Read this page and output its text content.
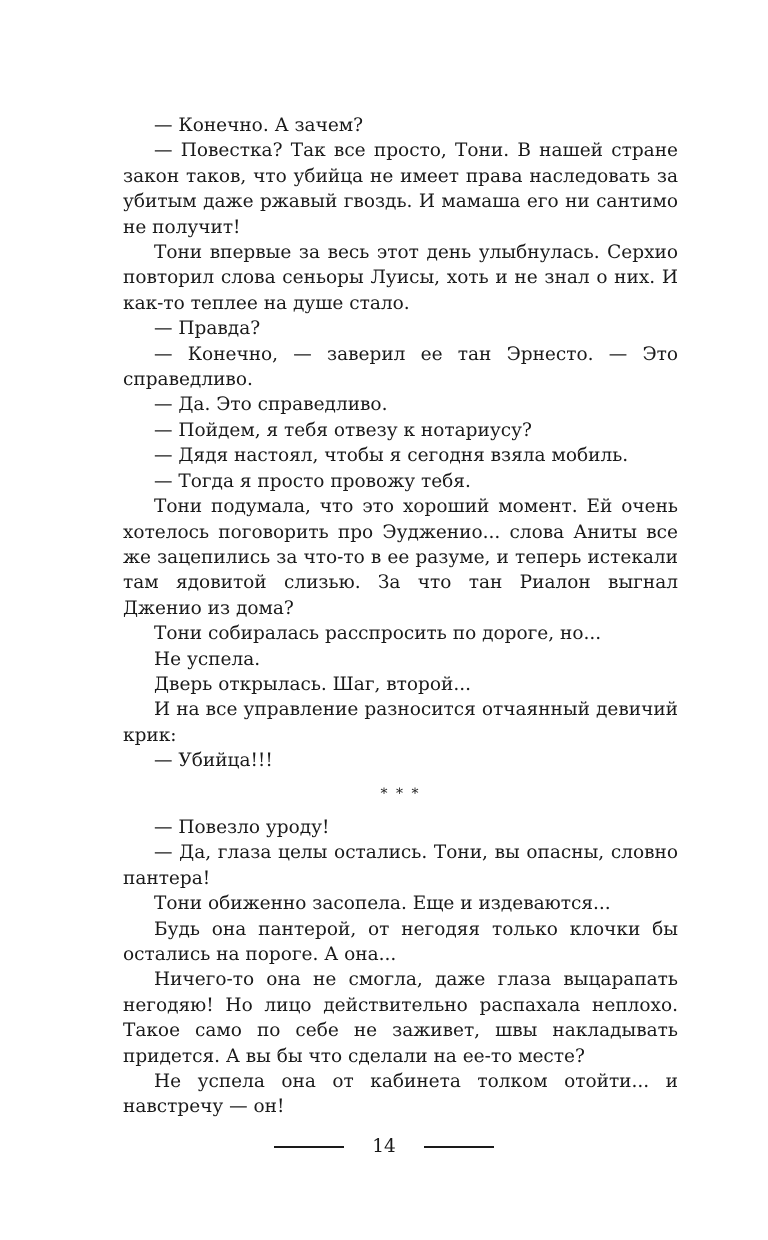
— Конечно. А зачем?

— Повестка? Так все просто, Тони. В нашей стране закон таков, что убийца не имеет права наследовать за убитым даже ржавый гвоздь. И мамаша его ни сантимо не получит!

Тони впервые за весь этот день улыбнулась. Серхио повторил слова сеньоры Луисы, хоть и не знал о них. И как-то теплее на душе стало.

— Правда?

— Конечно, — заверил ее тан Эрнесто. — Это справедливо.

— Да. Это справедливо.

— Пойдем, я тебя отвезу к нотариусу?

— Дядя настоял, чтобы я сегодня взяла мобиль.

— Тогда я просто провожу тебя.

Тони подумала, что это хороший момент. Ей очень хотелось поговорить про Эудженио... слова Аниты все же зацепились за что-то в ее разуме, и теперь истекали там ядовитой слизью. За что тан Риалон выгнал Дженио из дома?

Тони собиралась расспросить по дороге, но...

Не успела.

Дверь открылась. Шаг, второй...

И на все управление разносится отчаянный девичий крик:

— Убийца!!!

* * *

— Повезло уроду!

— Да, глаза целы остались. Тони, вы опасны, словно пантера!

Тони обиженно засопела. Еще и издеваются...

Будь она пантерой, от негодяя только клочки бы остались на пороге. А она...

Ничего-то она не смогла, даже глаза выцарапать негодяю! Но лицо действительно распахала неплохо. Такое само по себе не заживет, швы накладывать придется. А вы бы что сделали на ее-то месте?

Не успела она от кабинета толком отойти... и навстречу — он!

14
